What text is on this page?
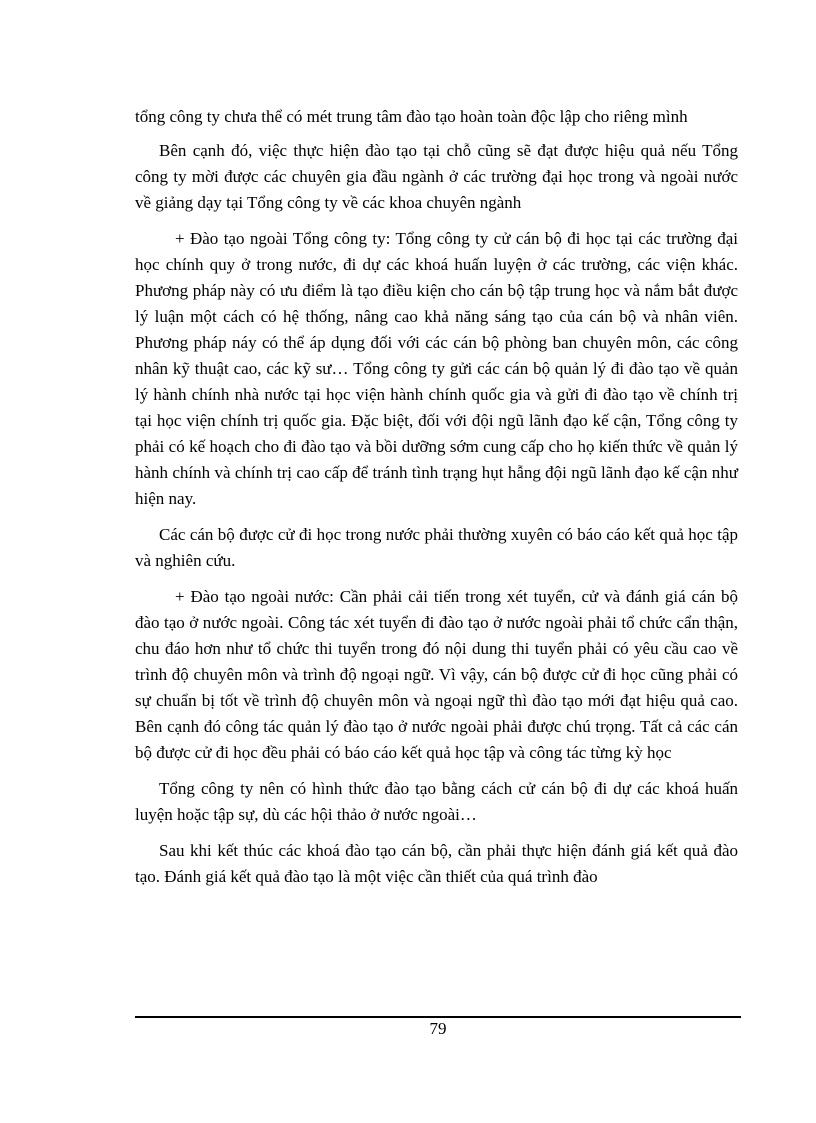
tổng công ty chưa thể có mét trung tâm đào tạo hoàn toàn độc lập cho riêng mình

Bên cạnh đó, việc thực hiện đào tạo tại chỗ cũng sẽ đạt được hiệu quả nếu Tổng công ty mời được các chuyên gia đầu ngành ở các trường đại học trong và ngoài nước về giảng dạy tại Tổng công ty về các khoa chuyên ngành

+ Đào tạo ngoài Tổng công ty: Tổng công ty cử cán bộ đi học tại các trường đại học chính quy ở trong nước, đi dự các khoá huấn luyện ở các trường, các viện khác. Phương pháp này có ưu điểm là tạo điều kiện cho cán bộ tập trung học và nắm bắt được lý luận một cách có hệ thống, nâng cao khả năng sáng tạo của cán bộ và nhân viên. Phương pháp náy có thể áp dụng đối với các cán bộ phòng ban chuyên môn, các công nhân kỹ thuật cao, các kỹ sư… Tổng công ty gửi các cán bộ quản lý đi đào tạo về quản lý hành chính nhà nước tại học viện hành chính quốc gia và gửi đi đào tạo về chính trị tại học viện chính trị quốc gia. Đặc biệt, đối với đội ngũ lãnh đạo kế cận, Tổng công ty phải có kế hoạch cho đi đào tạo và bồi dưỡng sớm cung cấp cho họ kiến thức về quản lý hành chính và chính trị cao cấp để tránh tình trạng hụt hẫng đội ngũ lãnh đạo kế cận như hiện nay.

Các cán bộ được cử đi học trong nước phải thường xuyên có báo cáo kết quả học tập và nghiên cứu.

+ Đào tạo ngoài nước: Cần phải cải tiến trong xét tuyển, cử và đánh giá cán bộ đào tạo ở nước ngoài. Công tác xét tuyển đi đào tạo ở nước ngoài phải tổ chức cẩn thận, chu đáo hơn như tổ chức thi tuyển trong đó nội dung thi tuyển phải có yêu cầu cao về trình độ chuyên môn và trình độ ngoại ngữ. Vì vậy, cán bộ được cử đi học cũng phải có sự chuẩn bị tốt về trình độ chuyên môn và ngoại ngữ thì đào tạo mới đạt hiệu quả cao. Bên cạnh đó công tác quản lý đào tạo ở nước ngoài phải được chú trọng. Tất cả các cán bộ được cử đi học đều phải có báo cáo kết quả học tập và công tác từng kỳ học

Tổng công ty nên có hình thức đào tạo bằng cách cử cán bộ đi dự các khoá huấn luyện hoặc tập sự, dù các hội thảo ở nước ngoài…

Sau khi kết thúc các khoá đào tạo cán bộ, cần phải thực hiện đánh giá kết quả đào tạo. Đánh giá kết quả đào tạo là một việc cần thiết của quá trình đào

79
